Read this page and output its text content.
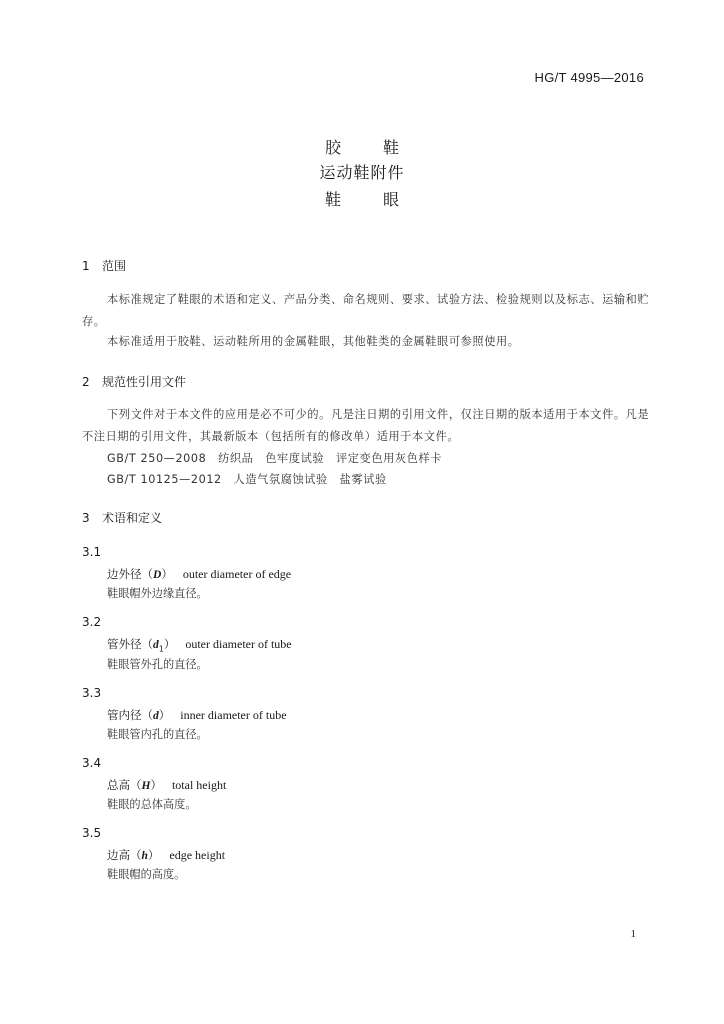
HG/T 4995—2016
胶	鞋
运动鞋附件
鞋	眼
1 范围
本标准规定了鞋眼的术语和定义、产品分类、命名规则、要求、试验方法、检验规则以及标志、运输和贮存。
本标准适用于胶鞋、运动鞋所用的金属鞋眼，其他鞋类的金属鞋眼可参照使用。
2 规范性引用文件
下列文件对于本文件的应用是必不可少的。凡是注日期的引用文件，仅注日期的版本适用于本文件。凡是不注日期的引用文件，其最新版本（包括所有的修改单）适用于本文件。
GB/T 250—2008　纺织品　色牢度试验　评定变色用灰色样卡
GB/T 10125—2012　人造气氛腐蚀试验　盐雾试验
3 术语和定义
3.1
边外径（D） outer diameter of edge
鞋眼帽外边缘直径。
3.2
管外径$(d_1)$ outer diameter of tube
鞋眼管外孔的直径。
3.3
管内径（d） inner diameter of tube
鞋眼管内孔的直径。
3.4
总高（H） total height
鞋眼的总体高度。
3.5
边高（h） edge height
鞋眼帽的高度。
1
